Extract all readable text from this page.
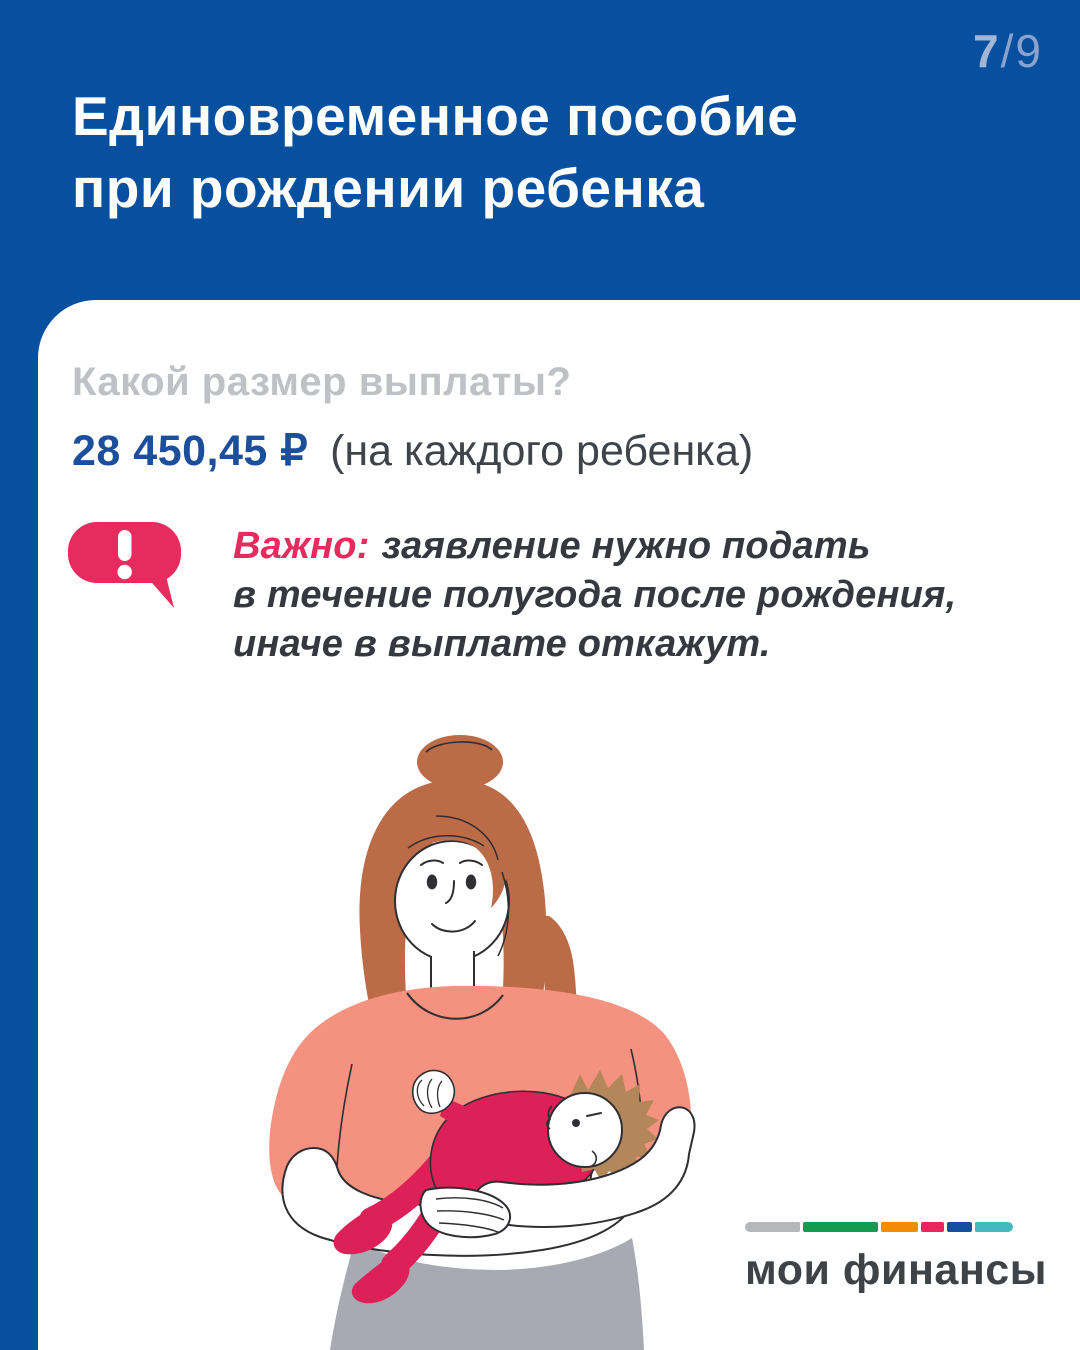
7/9
Единовременное пособие
при рождении ребенка
Какой размер выплаты?
28 450,45 ₽ (на каждого ребенка)
Важно: заявление нужно подать
в течение полугода после рождения,
иначе в выплате откажут.
мои финансы
